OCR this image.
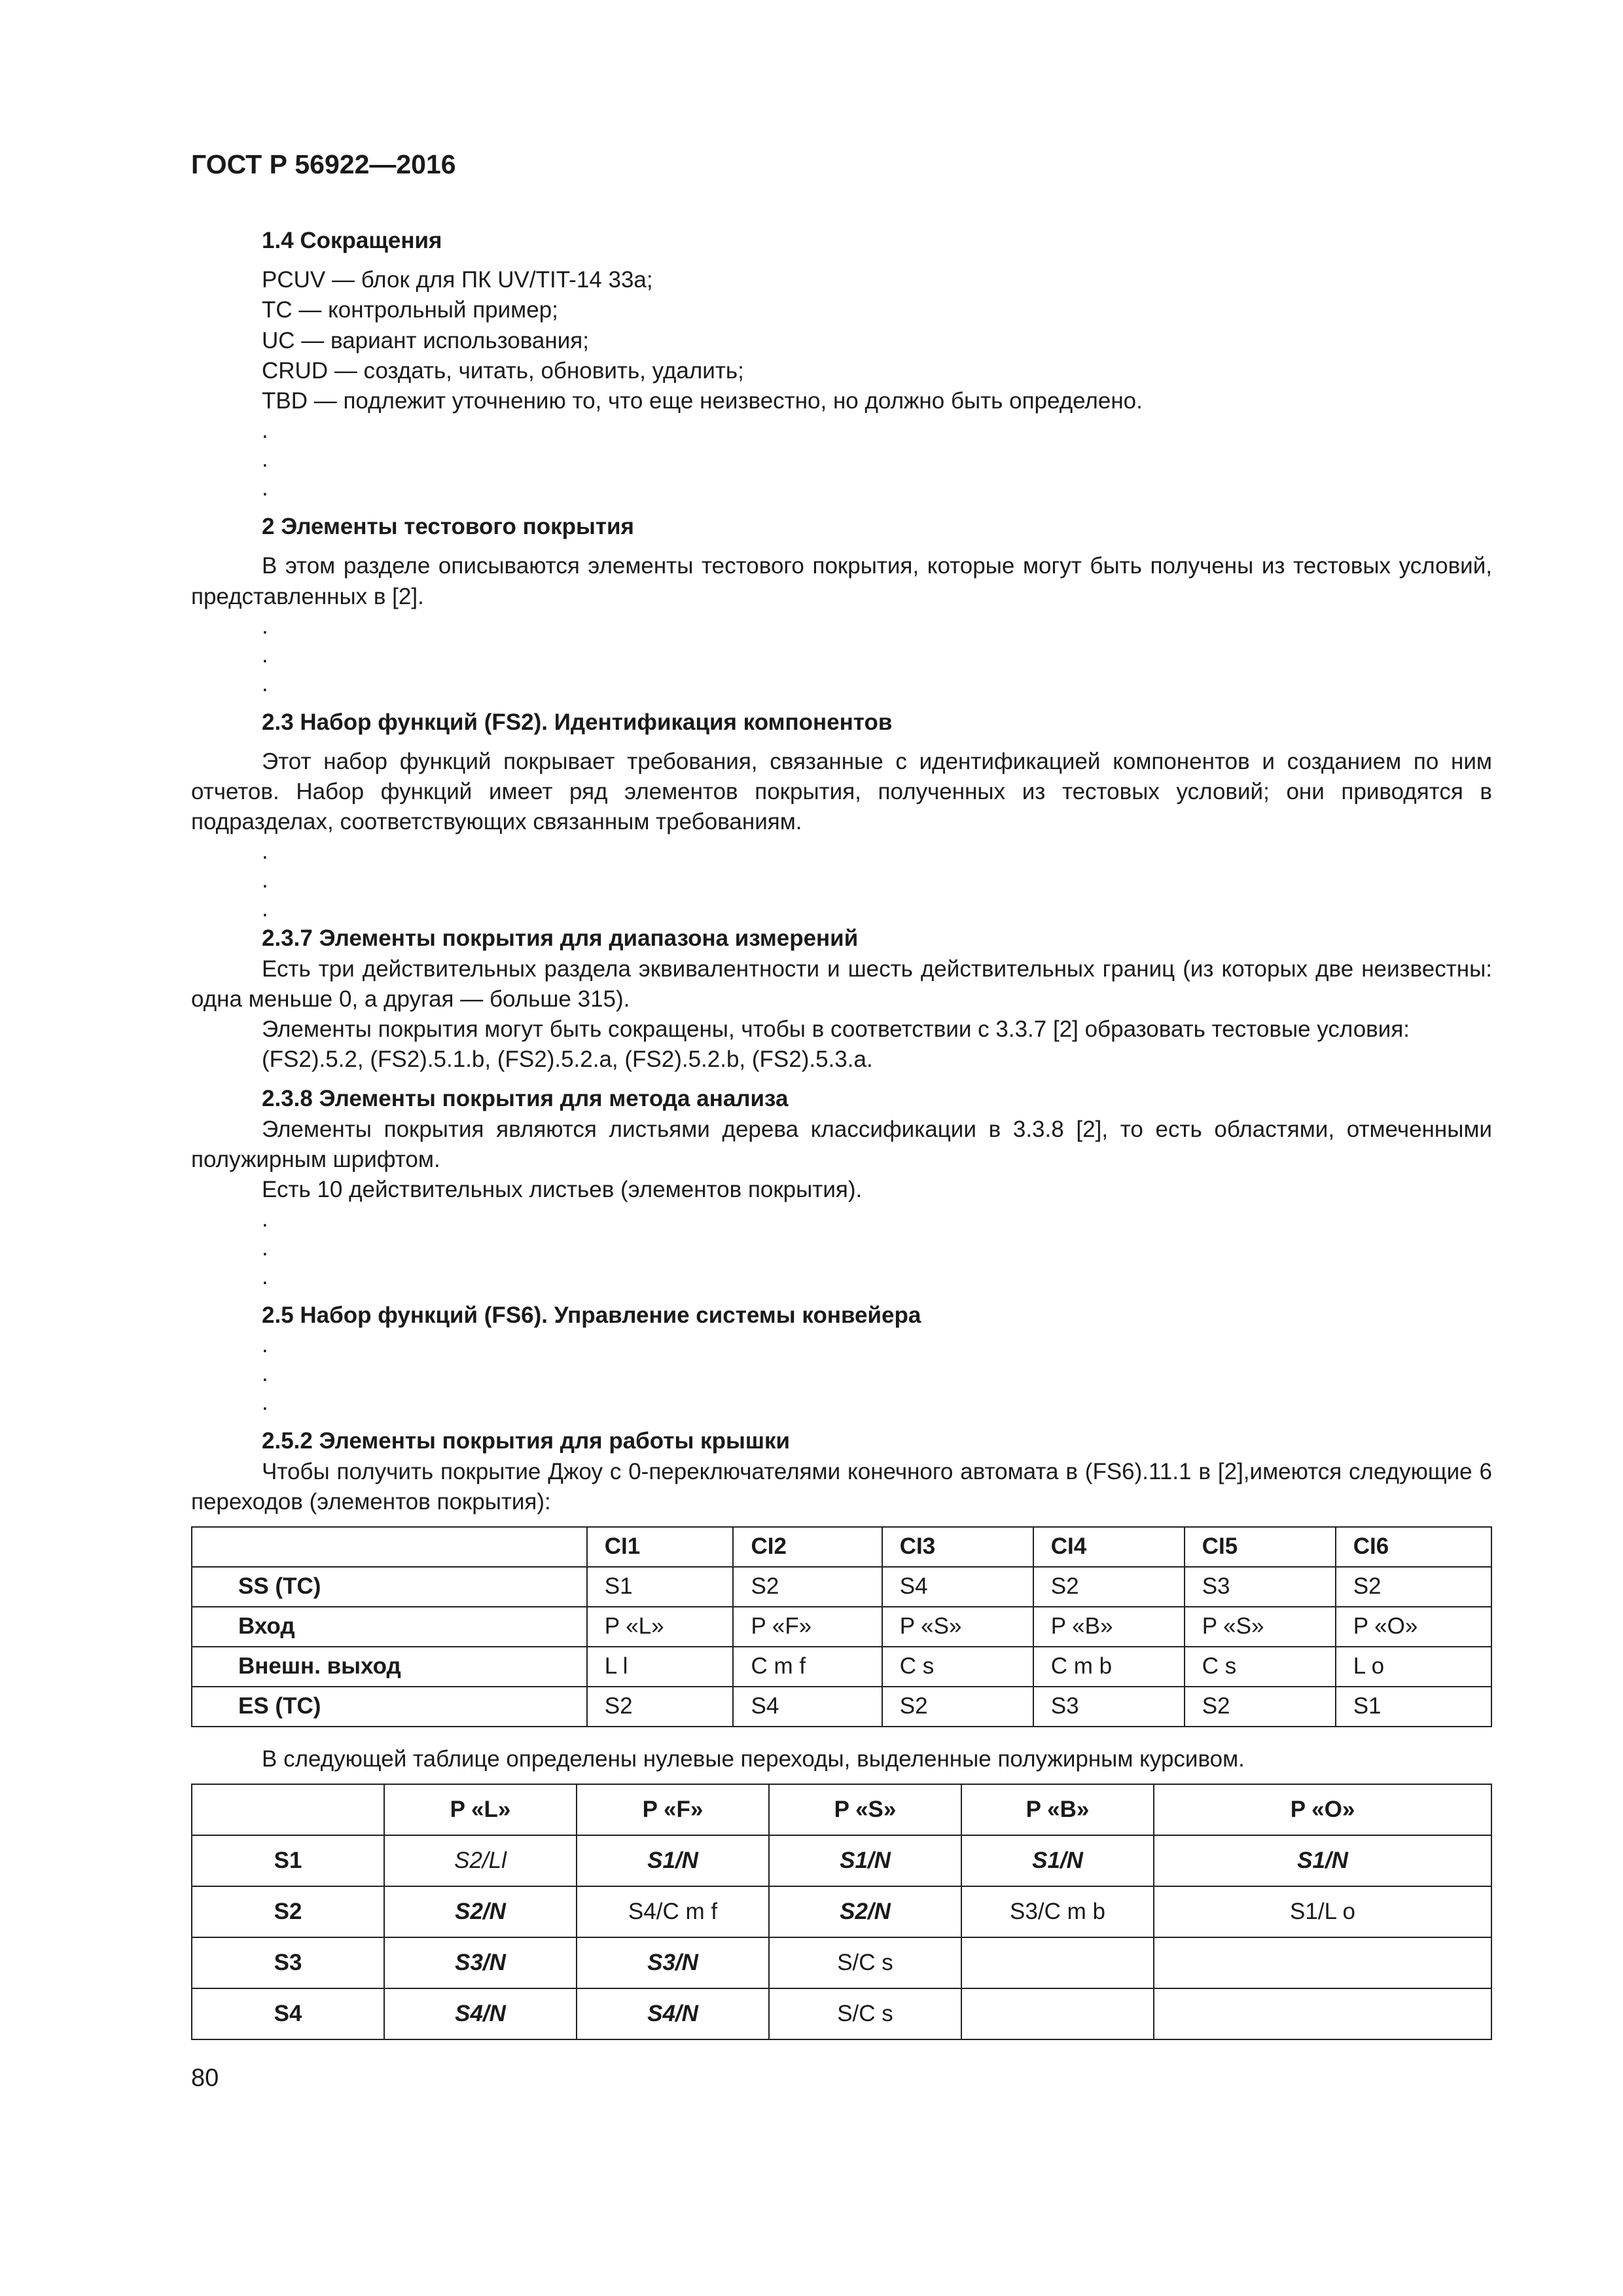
ГОСТ Р 56922—2016
1.4 Сокращения
PCUV — блок для ПК UV/TIT-14 33a;
TC — контрольный пример;
UC — вариант использования;
CRUD — создать, читать, обновить, удалить;
TBD — подлежит уточнению то, что еще неизвестно, но должно быть определено.
.
.
.
2 Элементы тестового покрытия

В этом разделе описываются элементы тестового покрытия, которые могут быть получены из тестовых условий, представленных в [2].

.
.
.
2.3 Набор функций (FS2). Идентификация компонентов

Этот набор функций покрывает требования, связанные с идентификацией компонентов и созданием по ним отчетов. Набор функций имеет ряд элементов покрытия, полученных из тестовых условий; они приводятся в подразделах, соответствующих связанным требованиям.

.
.
.
2.3.7 Элементы покрытия для диапазона измерений

Есть три действительных раздела эквивалентности и шесть действительных границ (из которых две неизвестны: одна меньше 0, а другая — больше 315).

Элементы покрытия могут быть сокращены, чтобы в соответствии с 3.3.7 [2] образовать тестовые условия:

(FS2).5.2, (FS2).5.1.b, (FS2).5.2.a, (FS2).5.2.b, (FS2).5.3.a.
2.3.8 Элементы покрытия для метода анализа

Элементы покрытия являются листьями дерева классификации в 3.3.8 [2], то есть областями, отмеченными полужирным шрифтом.

Есть 10 действительных листьев (элементов покрытия).

.
.
.
2.5 Набор функций (FS6). Управление системы конвейера
.
.
.
2.5.2 Элементы покрытия для работы крышки

Чтобы получить покрытие Джоу с 0-переключателями конечного автомата в (FS6).11.1 в [2],имеются следующие 6 переходов (элементов покрытия):

	CI1	CI2	CI3	CI4	CI5	CI6
SS (TC)	S1	S2	S4	S2	S3	S2
Вход	P «L»	P «F»	P «S»	P «B»	P «S»	P «O»
Внешн. выход	L l	C m f	C s	C m b	C s	L o
ES (TC)	S2	S4	S2	S3	S2	S1
В следующей таблице определены нулевые переходы, выделенные полужирным курсивом.
	P «L»	P «F»	P «S»	P «B»	P «O»
S1	S2/Ll	S1/N	S1/N	S1/N	S1/N
S2	S2/N	S4/C m f	S2/N	S3/C m b	S1/L o
S3	S3/N	S3/N	S/C s		
S4	S4/N	S4/N	S/C s		
80
